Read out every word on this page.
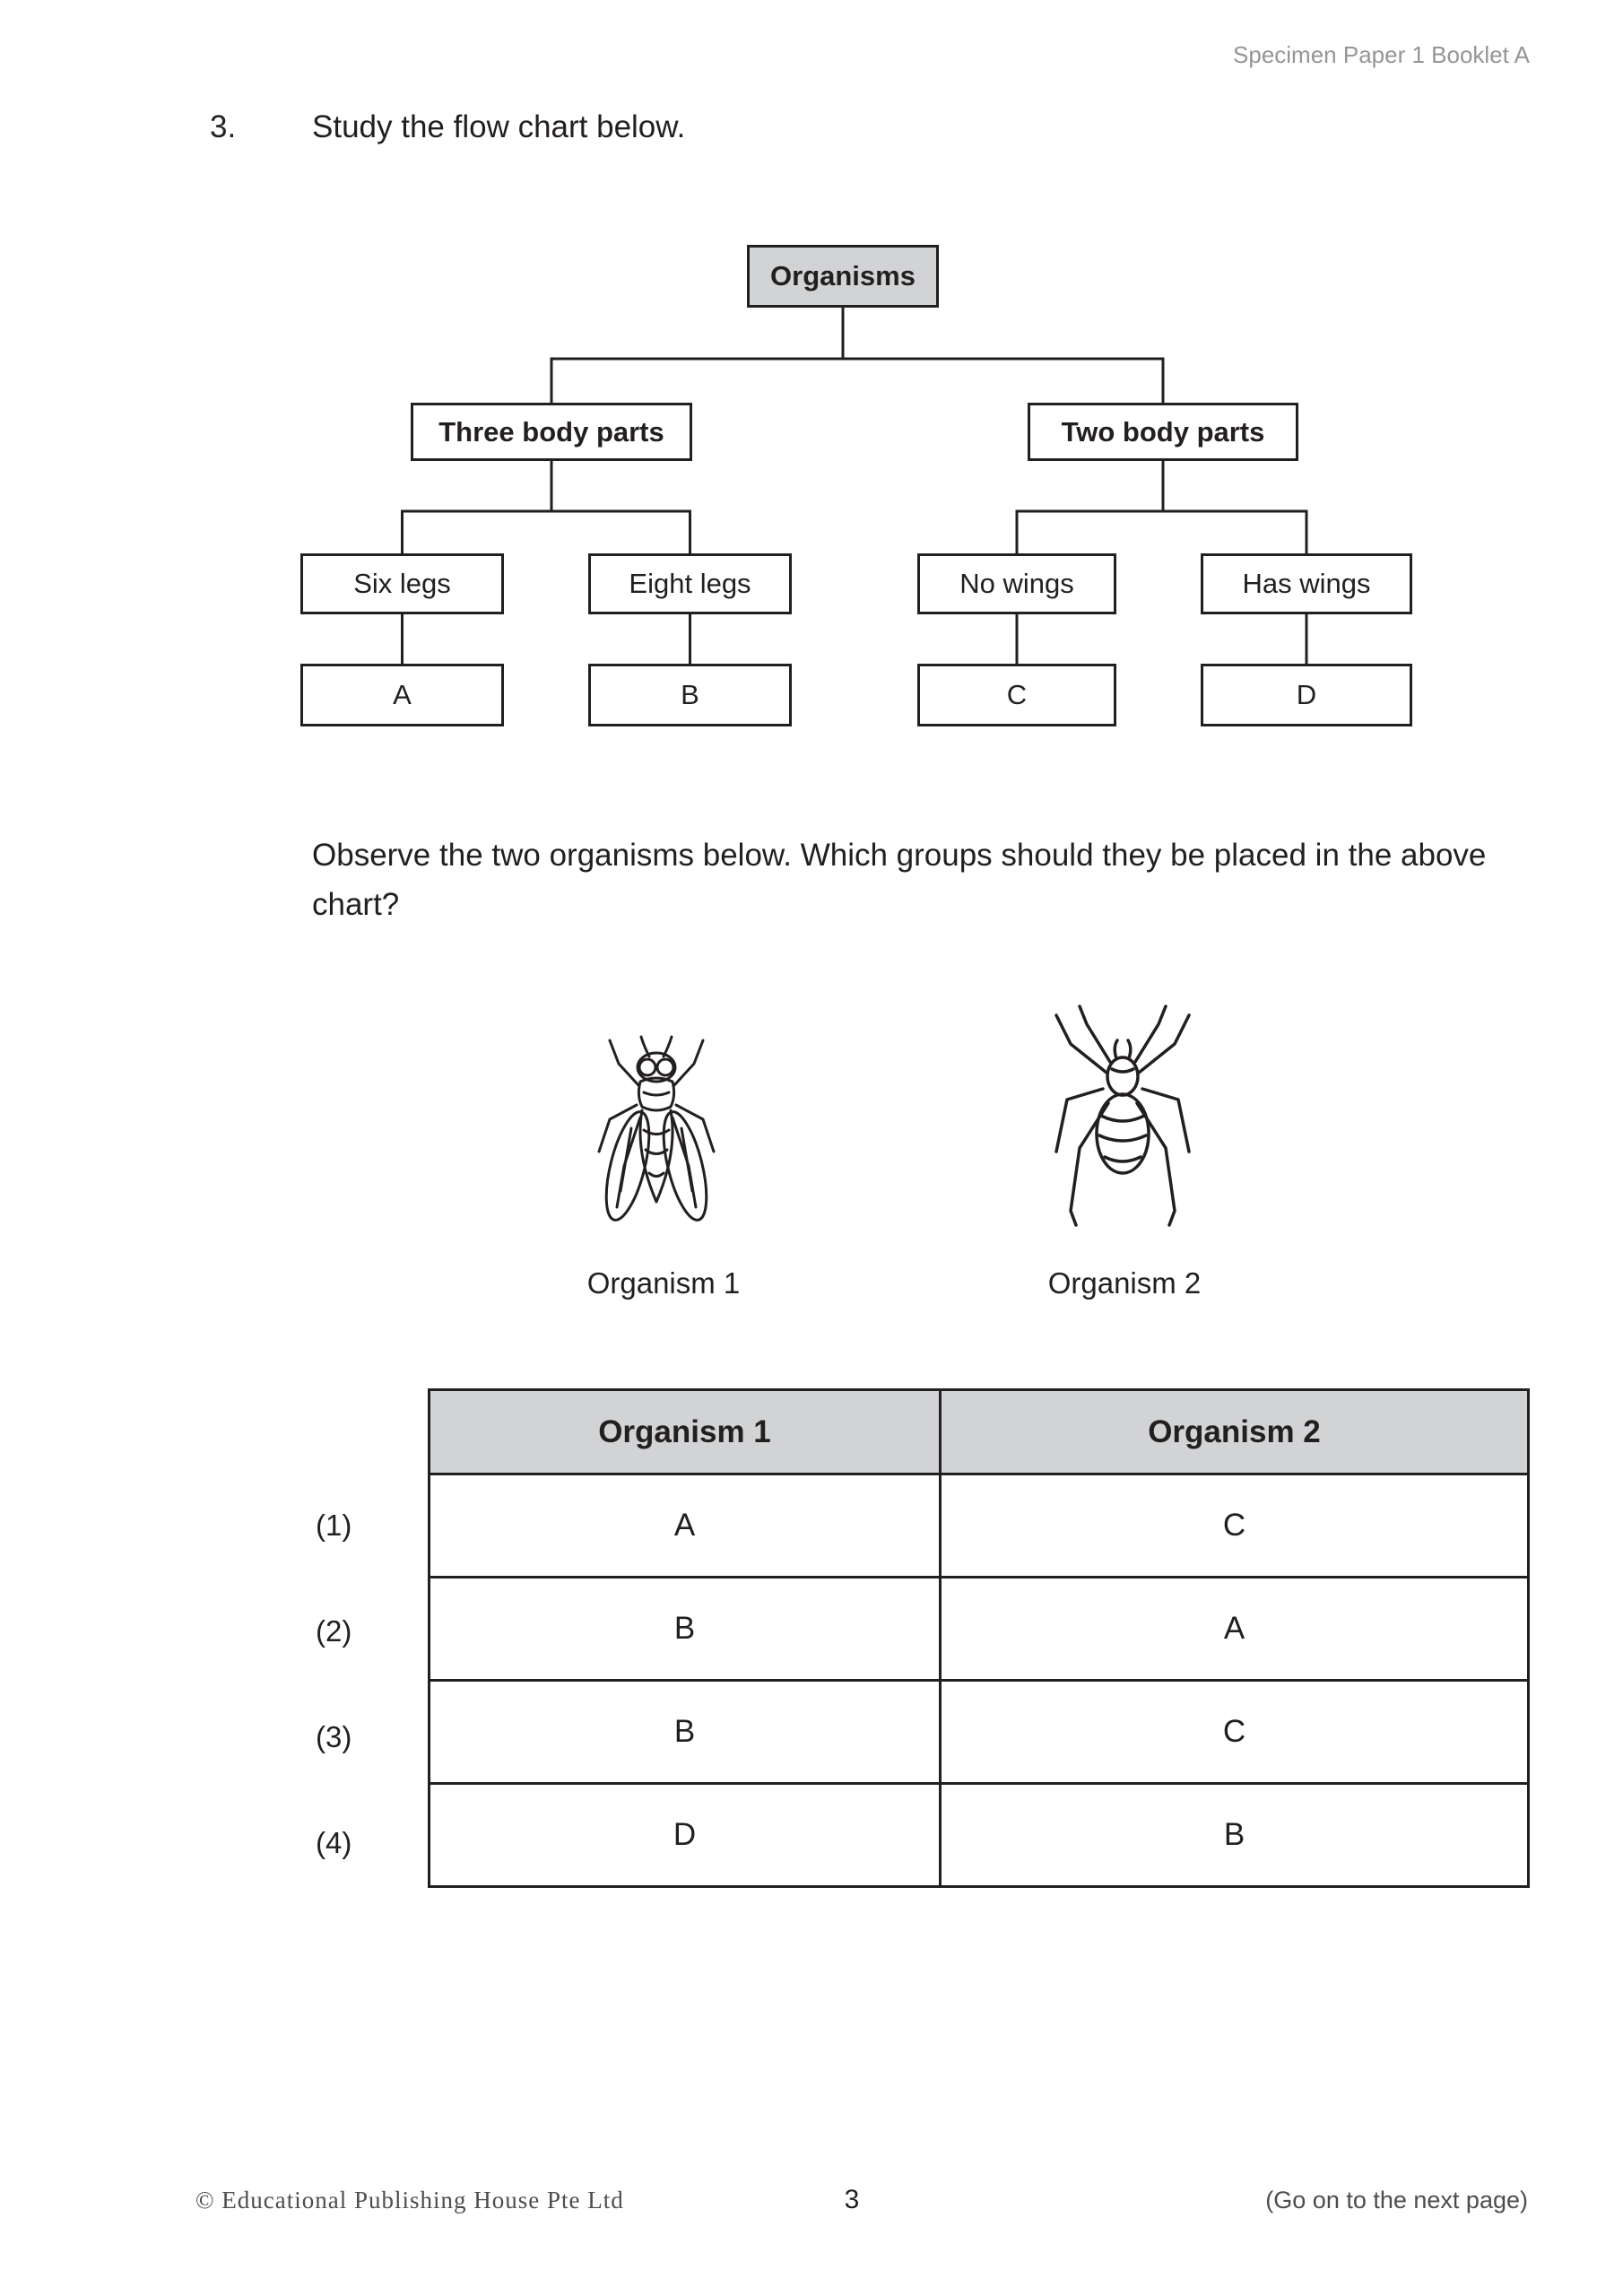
Specimen Paper 1 Booklet A
3. Study the flow chart below.
Organisms
Three body parts	Two body parts
Six legs	Eight legs	No wings	Has wings
A	B	C	D
Observe the two organisms below. Which groups should they be placed in the above chart?
Organism 1	Organism 2
(1)
(2)
(3)
(4)
Organism 1	Organism 2
A	C
B	A
B	C
D	B
© Educational Publishing House Pte Ltd	3	(Go on to the next page)
